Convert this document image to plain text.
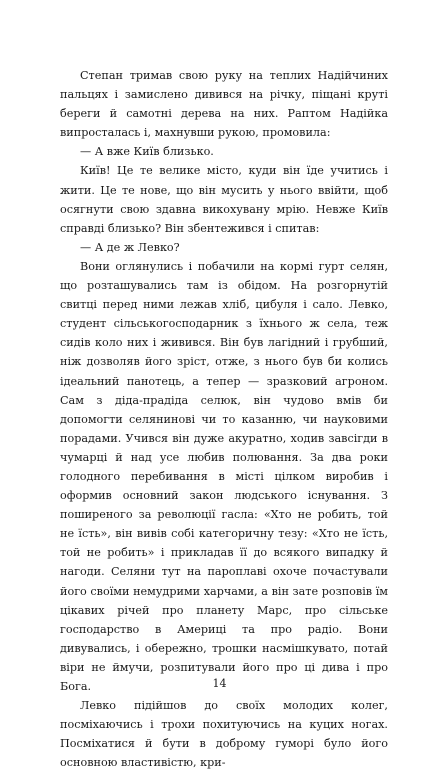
Степан тримав свою руку на теплих Надійчиних пальцях і замислено дивився на річку, піщані круті береги й самотні дерева на них. Раптом Надійка випросталась і, махнувши рукою, промовила:

— А вже Київ близько.

Київ! Це те велике місто, куди він їде учитись і жити. Це те нове, що він мусить у нього ввійти, щоб осягнути свою здавна викохувану мрію. Невже Київ справді близько? Він збентежився і спитав:

— А де ж Левко?

Вони оглянулись і побачили на кормі гурт селян, що розташувались там із обідом. На розгорнутій свитці перед ними лежав хліб, цибуля і сало. Левко, студент сільськогосподарник з їхнього ж села, теж сидів коло них і живився. Він був лагідний і грубший, ніж дозволяв його зріст, отже, з нього був би колись ідеальний панотець, а тепер — зразковий агроном. Сам з діда-прадіда селюк, він чудово вмів би допомогти селянинові чи то казанню, чи науковими порадами. Учився він дуже акуратно, ходив завсігди в чумарці й над усе любив полювання. За два роки голодного перебивання в місті цілком виробив і оформив основний закон людського існування. З поширеного за революції гасла: «Хто не робить, той не їсть», він вивів собі категоричну тезу: «Хто не їсть, той не робить» і прикладав її до всякого випадку й нагоди. Селяни тут на пароплаві охоче почастували його своїми немудрими харчами, а він зате розповів їм цікавих річей про планету Марс, про сільське господарство в Америці та про радіо. Вони дивувались, і обережно, трошки насмішкувато, потай віри не ймучи, розпитували його про ці дива і про Бога.

Левко підійшов до своїх молодих колег, посміхаючись і трохи похитуючись на куцих ногах. Посміхатися й бути в доброму гуморі було його основною властивістю, кри-

14
